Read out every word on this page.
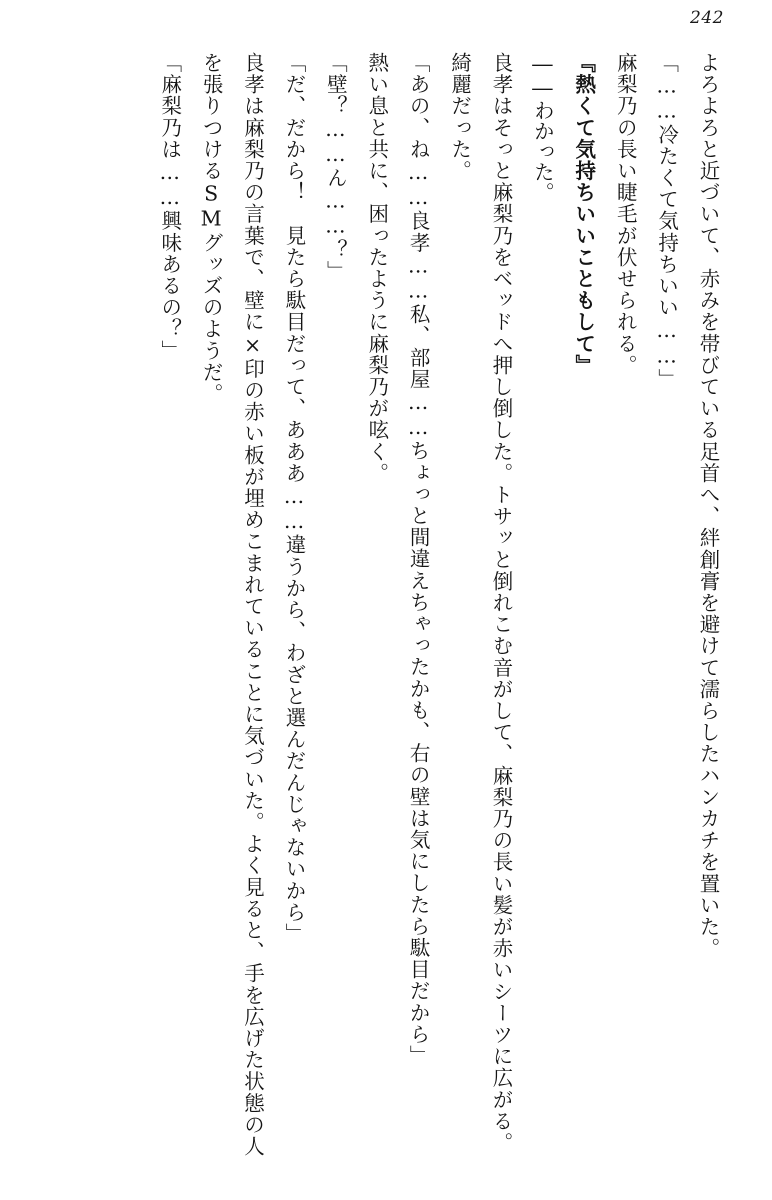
242

よろよろと近づいて、赤みを帯びている足首へ、絆創膏を避けて濡らしたハンカチを置いた。

「……冷たくて気持ちいい……」

麻梨乃の長い睫毛が伏せられる。

『熱くて気持ちいいこともして』

――わかった。

良孝はそっと麻梨乃をベッドへ押し倒した。トサッと倒れこむ音がして、麻梨乃の長い髪が赤いシーツに広がる。綺麗だった。

「あの、ね……良孝……私、部屋……ちょっと間違えちゃったかも、右の壁は気にしたら駄目だから」

熱い息と共に、困ったように麻梨乃が呟く。

「壁？……ん……？」

「だ、だから！　見たら駄目だって、あああ……違うから、わざと選んだんじゃないから」

良孝は麻梨乃の言葉で、壁に×印の赤い板が埋めこまれていることに気づいた。よく見ると、手を広げた状態の人を張りつけるSMグッズのようだ。

「麻梨乃は……興味あるの？」
